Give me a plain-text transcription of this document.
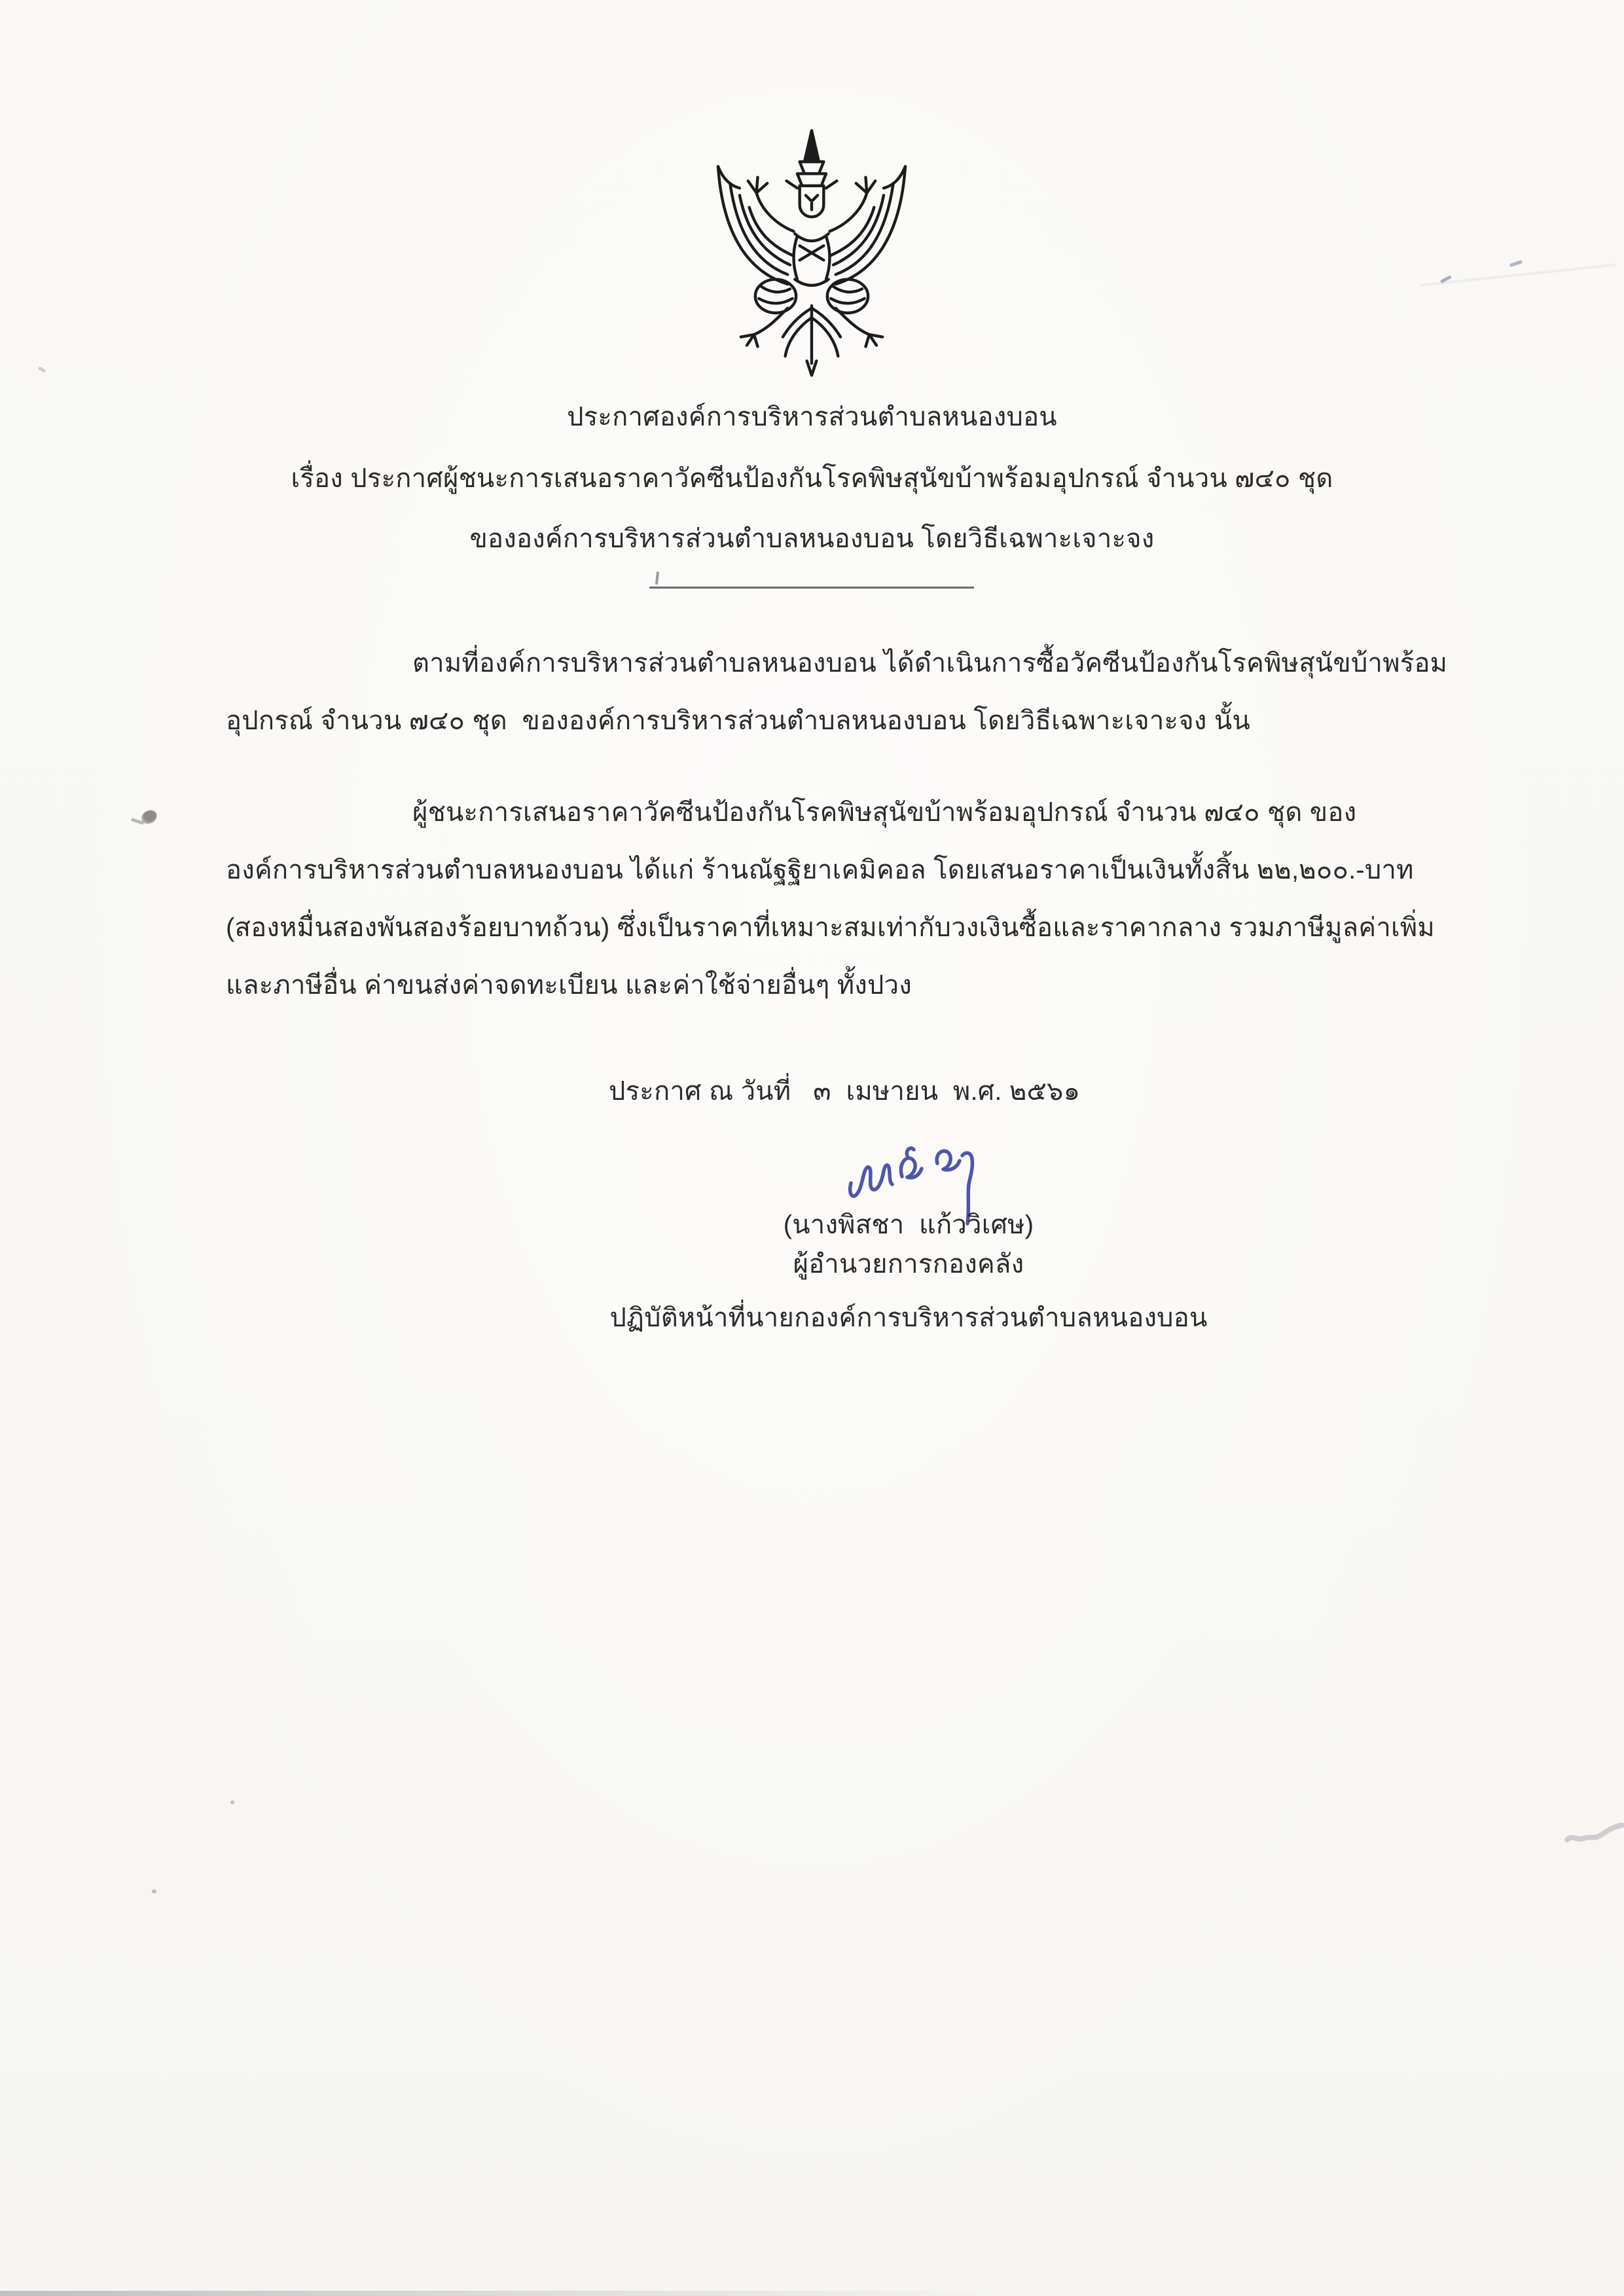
ประกาศองค์การบริหารส่วนตำบลหนองบอน
เรื่อง ประกาศผู้ชนะการเสนอราคาวัคซีนป้องกันโรคพิษสุนัขบ้าพร้อมอุปกรณ์ จำนวน ๗๔๐ ชุด
ขององค์การบริหารส่วนตำบลหนองบอน โดยวิธีเฉพาะเจาะจง
ตามที่องค์การบริหารส่วนตำบลหนองบอน ได้ดำเนินการซื้อวัคซีนป้องกันโรคพิษสุนัขบ้าพร้อม
อุปกรณ์ จำนวน ๗๔๐ ชุด  ขององค์การบริหารส่วนตำบลหนองบอน โดยวิธีเฉพาะเจาะจง นั้น
ผู้ชนะการเสนอราคาวัคซีนป้องกันโรคพิษสุนัขบ้าพร้อมอุปกรณ์ จำนวน ๗๔๐ ชุด ของ
องค์การบริหารส่วนตำบลหนองบอน ได้แก่ ร้านณัฐฐิยาเคมิคอล โดยเสนอราคาเป็นเงินทั้งสิ้น ๒๒,๒๐๐.-บาท
(สองหมื่นสองพันสองร้อยบาทถ้วน) ซึ่งเป็นราคาที่เหมาะสมเท่ากับวงเงินซื้อและราคากลาง รวมภาษีมูลค่าเพิ่ม
และภาษีอื่น ค่าขนส่งค่าจดทะเบียน และค่าใช้จ่ายอื่นๆ ทั้งปวง
ประกาศ ณ วันที่   ๓  เมษายน  พ.ศ. ๒๕๖๑
(นางพิสชา  แก้ววิเศษ)
ผู้อำนวยการกองคลัง
ปฏิบัติหน้าที่นายกองค์การบริหารส่วนตำบลหนองบอน
